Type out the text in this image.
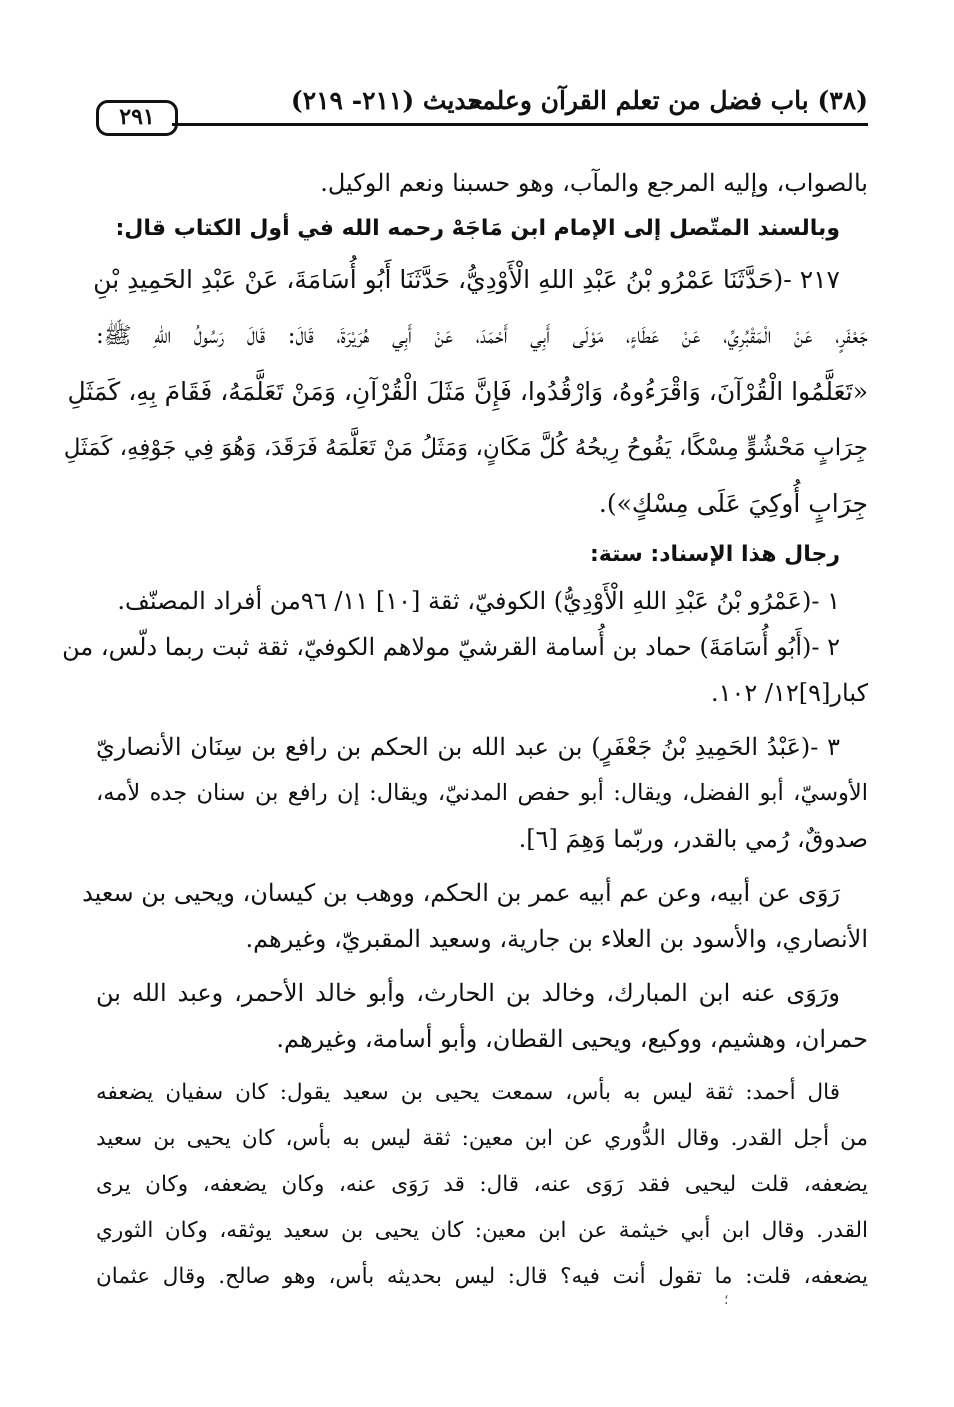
(٣٨) باب فضل من تعلم القرآن وعلمه
حديث (٢١١- ٢١٩)
٢٩١
بالصواب، وإليه المرجع والمآب، وهو حسبنا ونعم الوكيل.
وبالسند المتّصل إلى الإمام ابن مَاجَهْ رحمه الله في أول الكتاب قال:
٢١٧ -(حَدَّثَنَا عَمْرُو بْنُ عَبْدِ اللهِ الْأَوْدِيُّ، حَدَّثَنَا أَبُو أُسَامَةَ، عَنْ عَبْدِ الحَمِيدِ بْنِ
جَعْفَرٍ، عَنْ الْمَقْبُرِيِّ، عَنْ عَطَاءٍ، مَوْلَى أَبِي أَحْمَدَ، عَنْ أَبِي هُرَيْرَةَ، قَالَ: قَالَ رَسُولُ اللهِ ﷺ:
«تَعَلَّمُوا الْقُرْآنَ، وَاقْرَءُوهُ، وَارْقُدُوا، فَإِنَّ مَثَلَ الْقُرْآنِ، وَمَنْ تَعَلَّمَهُ، فَقَامَ بِهِ، كَمَثَلِ
جِرَابٍ مَحْشُوٍّ مِسْكًا، يَفُوحُ رِيحُهُ كُلَّ مَكَانٍ، وَمَثَلُ مَنْ تَعَلَّمَهُ فَرَقَدَ، وَهُوَ فِي جَوْفِهِ، كَمَثَلِ
جِرَابٍ أُوكِيَ عَلَى مِسْكٍ»).
رجال هذا الإسناد: ستة:
١ -(عَمْرُو بْنُ عَبْدِ اللهِ الْأَوْدِيُّ) الكوفيّ، ثقة [١٠] ١١/ ٩٦من أفراد المصنّف.
٢ -(أَبُو أُسَامَةَ) حماد بن أُسامة القرشيّ مولاهم الكوفيّ، ثقة ثبت ربما دلّس، من
كبار[٩]١٢/ ١٠٢.
٣ -(عَبْدُ الحَمِيدِ بْنُ جَعْفَرٍ) بن عبد الله بن الحكم بن رافع بن سِنَان الأنصاريّ
الأوسيّ، أبو الفضل، ويقال: أبو حفص المدنيّ، ويقال: إن رافع بن سنان جده لأمه،
صدوقٌ، رُمي بالقدر، وربّما وَهِمَ [٦].
رَوَى عن أبيه، وعن عم أبيه عمر بن الحكم، ووهب بن كيسان، ويحيى بن سعيد
الأنصاري، والأسود بن العلاء بن جارية، وسعيد المقبريّ، وغيرهم.
ورَوَى عنه ابن المبارك، وخالد بن الحارث، وأبو خالد الأحمر، وعبد الله بن
حمران، وهشيم، ووكيع، ويحيى القطان، وأبو أسامة، وغيرهم.
قال أحمد: ثقة ليس به بأس، سمعت يحيى بن سعيد يقول: كان سفيان يضعفه
من أجل القدر. وقال الدُّوري عن ابن معين: ثقة ليس به بأس، كان يحيى بن سعيد
يضعفه، قلت ليحيى فقد رَوَى عنه، قال: قد رَوَى عنه، وكان يضعفه، وكان يرى
القدر. وقال ابن أبي خيثمة عن ابن معين: كان يحيى بن سعيد يوثقه، وكان الثوري
يضعفه، قلت: ما تقول أنت فيه؟ قال: ليس بحديثه بأس، وهو صالح. وقال عثمان
؛
